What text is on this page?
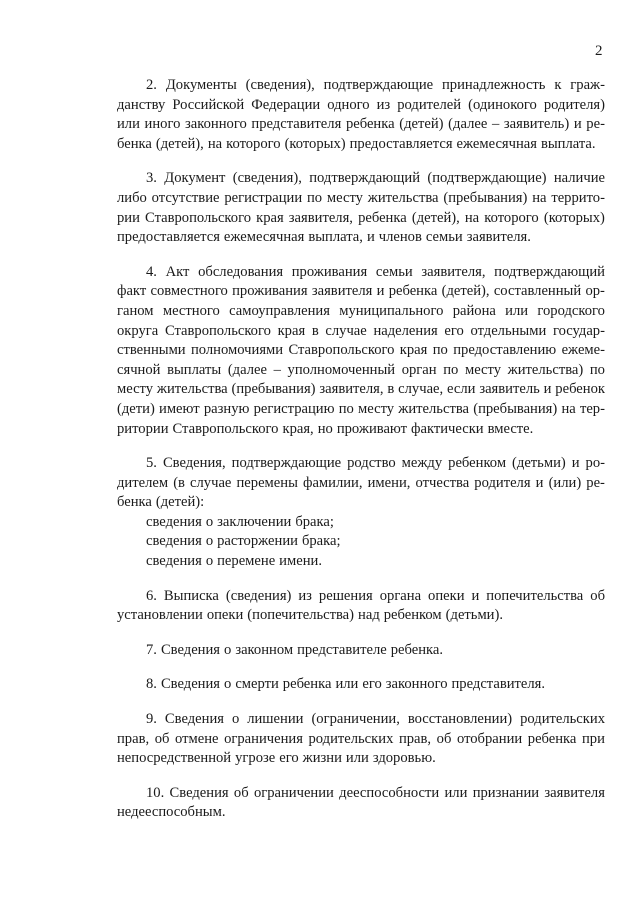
2
2. Документы (сведения), подтверждающие принадлежность к граж-
данству Российской Федерации одного из родителей (одинокого родителя)
или иного законного представителя ребенка (детей) (далее – заявитель) и ре-
бенка (детей), на которого (которых) предоставляется ежемесячная выплата.
3. Документ (сведения), подтверждающий (подтверждающие) наличие
либо отсутствие регистрации по месту жительства (пребывания) на террито-
рии Ставропольского края заявителя, ребенка (детей), на которого (которых)
предоставляется ежемесячная выплата, и членов семьи заявителя.
4. Акт обследования проживания семьи заявителя, подтверждающий
факт совместного проживания заявителя и ребенка (детей), составленный ор-
ганом местного самоуправления муниципального района или городского
округа Ставропольского края в случае наделения его отдельными государ-
ственными полномочиями Ставропольского края по предоставлению ежеме-
сячной выплаты (далее – уполномоченный орган по месту жительства) по
месту жительства (пребывания) заявителя, в случае, если заявитель и ребенок
(дети) имеют разную регистрацию по месту жительства (пребывания) на тер-
ритории Ставропольского края, но проживают фактически вместе.
5. Сведения, подтверждающие родство между ребенком (детьми) и ро-
дителем (в случае перемены фамилии, имени, отчества родителя и (или) ре-
бенка (детей):
сведения о заключении брака;
сведения о расторжении брака;
сведения о перемене имени.
6. Выписка (сведения) из решения органа опеки и попечительства об
установлении опеки (попечительства) над ребенком (детьми).
7. Сведения о законном представителе ребенка.
8. Сведения о смерти ребенка или его законного представителя.
9. Сведения о лишении (ограничении, восстановлении) родительских
прав, об отмене ограничения родительских прав, об отобрании ребенка при
непосредственной угрозе его жизни или здоровью.
10. Сведения об ограничении дееспособности или признании заявителя
недееспособным.
